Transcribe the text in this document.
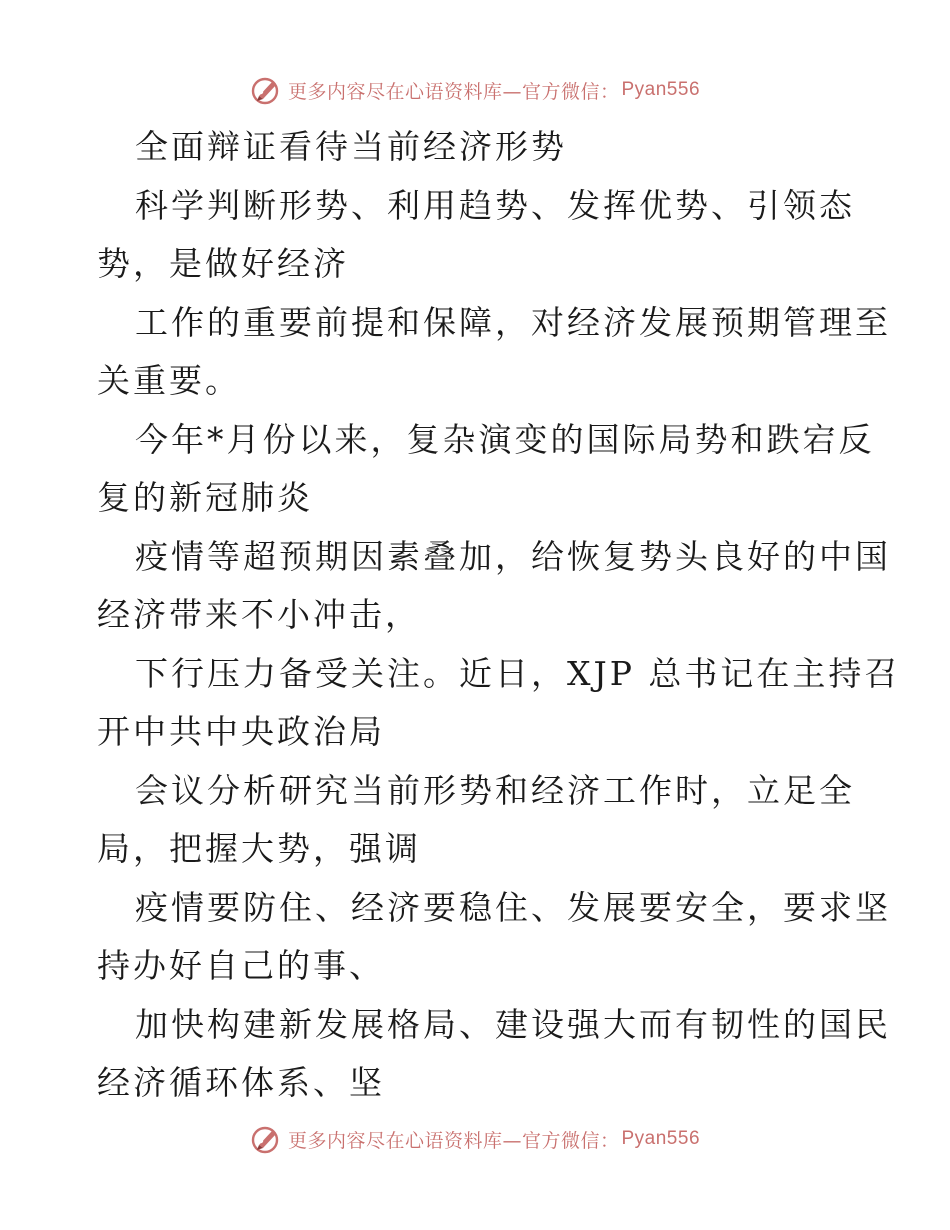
更多内容尽在心语资料库—官方微信： Pyan556
全面辩证看待当前经济形势
科学判断形势、利用趋势、发挥优势、引领态
势，是做好经济
工作的重要前提和保障，对经济发展预期管理至
关重要。
今年*月份以来，复杂演变的国际局势和跌宕反
复的新冠肺炎
疫情等超预期因素叠加，给恢复势头良好的中国
经济带来不小冲击，
下行压力备受关注。近日，XJP 总书记在主持召
开中共中央政治局
会议分析研究当前形势和经济工作时，立足全
局，把握大势，强调
疫情要防住、经济要稳住、发展要安全，要求坚
持办好自己的事、
加快构建新发展格局、建设强大而有韧性的国民
经济循环体系、坚
更多内容尽在心语资料库—官方微信： Pyan556
